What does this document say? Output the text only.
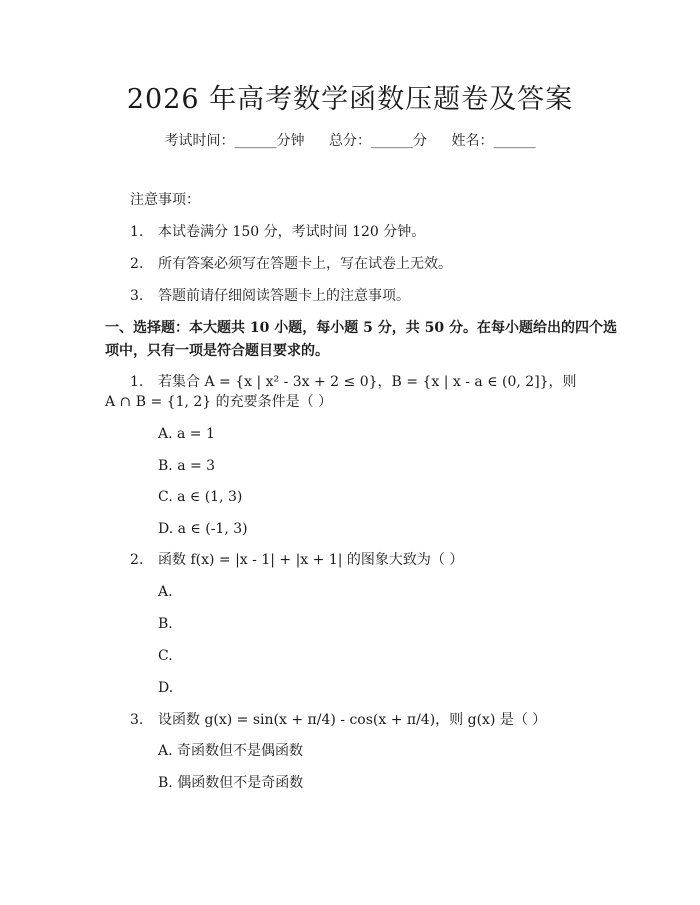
2026 年高考数学函数压题卷及答案
考试时间：______分钟 总分：______分 姓名：______
注意事项：
1. 本试卷满分 150 分，考试时间 120 分钟。
2. 所有答案必须写在答题卡上，写在试卷上无效。
3. 答题前请仔细阅读答题卡上的注意事项。
一、选择题：本大题共 10 小题，每小题 5 分，共 50 分。在每小题给出的四个选
项中，只有一项是符合题目要求的。
1. 若集合 A = {x | x² - 3x + 2 ≤ 0}，B = {x | x - a ∈ (0, 2]}，则
A ∩ B = {1, 2} 的充要条件是（ ）
A. a = 1
B. a = 3
C. a ∈ (1, 3)
D. a ∈ (-1, 3)
2. 函数 f(x) = |x - 1| + |x + 1| 的图象大致为（ ）
A.
B.
C.
D.
3. 设函数 g(x) = sin(x + π/4) - cos(x + π/4)，则 g(x) 是（ ）
A. 奇函数但不是偶函数
B. 偶函数但不是奇函数
